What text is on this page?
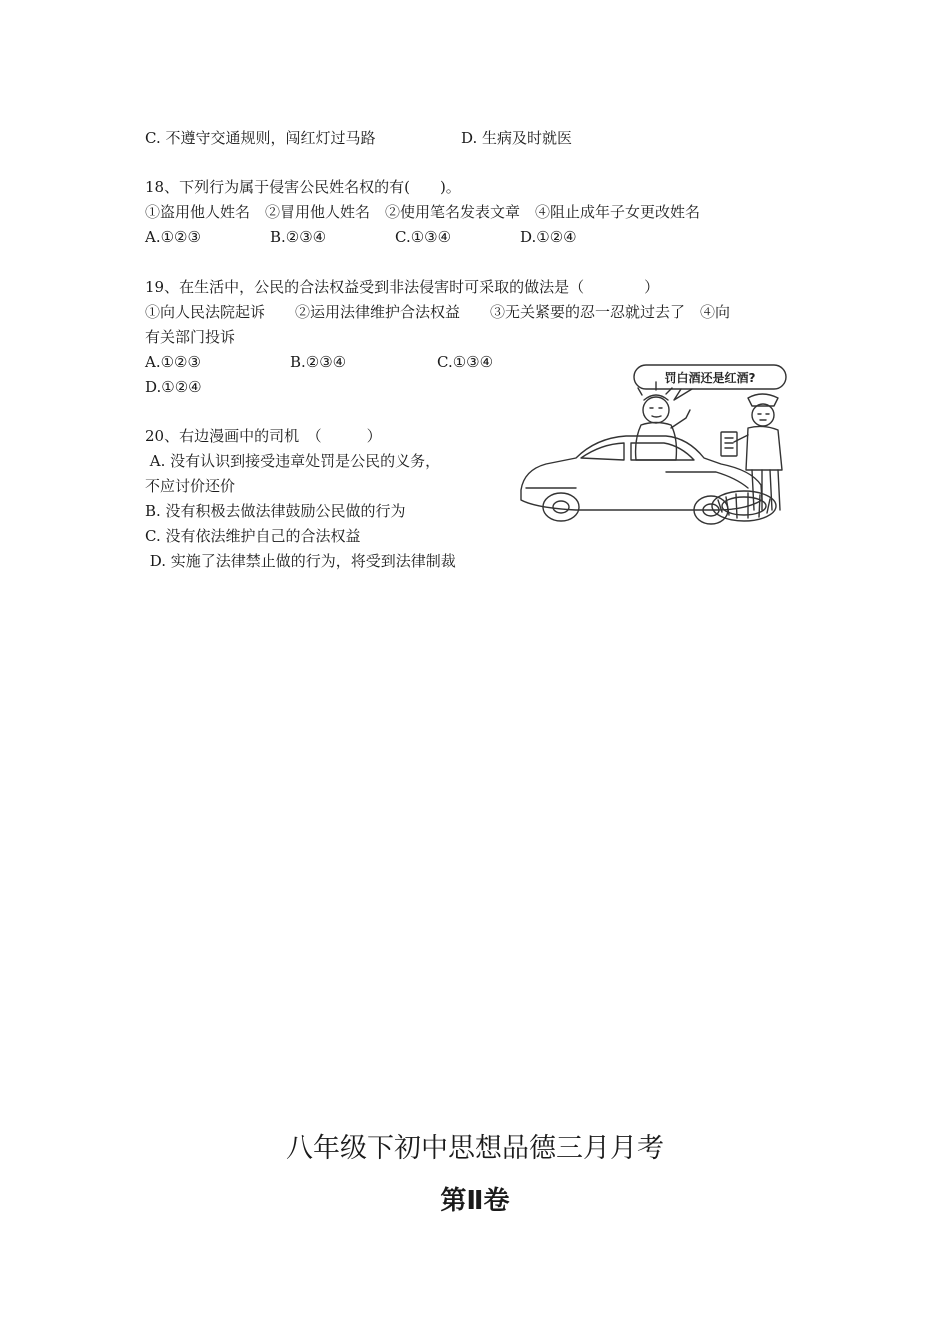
C. 不遵守交通规则，闯红灯过马路	D. 生病及时就医
18、下列行为属于侵害公民姓名权的有(　　)。
①盗用他人姓名　②冒用他人姓名　②使用笔名发表文章　④阻止成年子女更改姓名
A.①②③	B.②③④	C.①③④	D.①②④
19、在生活中，公民的合法权益受到非法侵害时可采取的做法是（　　　　）
①向人民法院起诉　　②运用法律维护合法权益　　③无关紧要的忍一忍就过去了　④向
有关部门投诉
A.①②③	B.②③④	C.①③④
D.①②④
20、右边漫画中的司机　（　　　）
A. 没有认识到接受违章处罚是公民的义务，
不应讨价还价
B. 没有积极去做法律鼓励公民做的行为
C. 没有依法维护自己的合法权益
D. 实施了法律禁止做的行为，将受到法律制裁
罚白酒还是红酒?
八年级下初中思想品德三月月考
第Ⅱ卷
